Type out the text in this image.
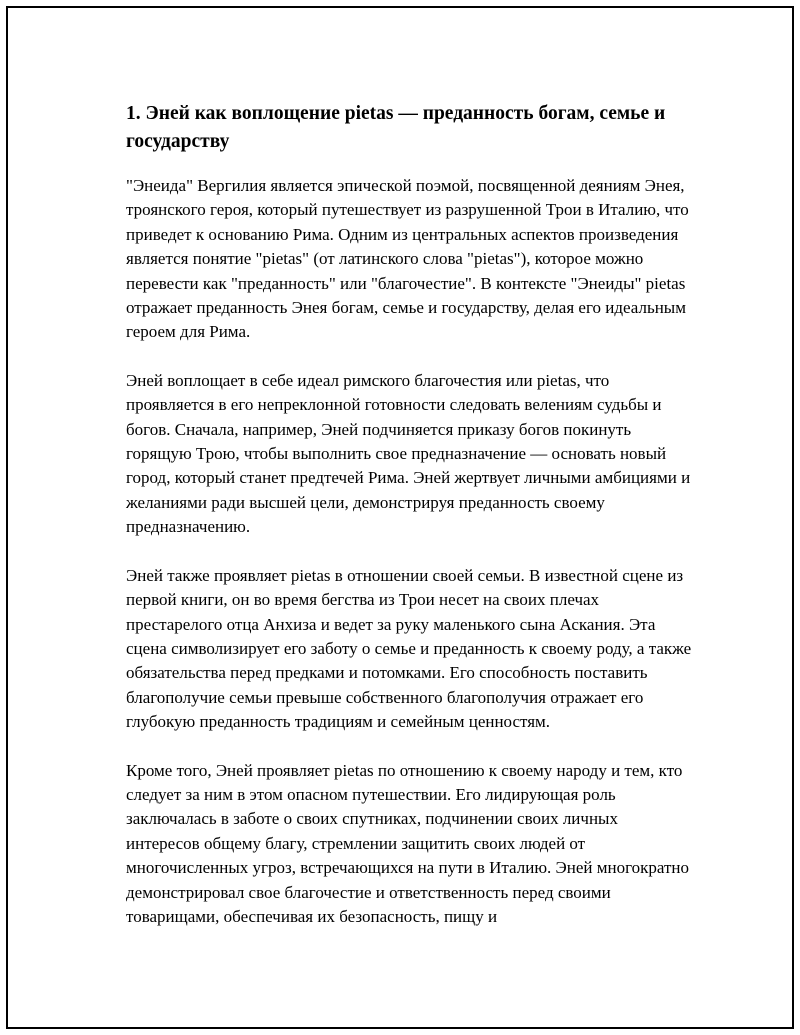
1. Эней как воплощение pietas — преданность богам, семье и государству

"Энеида" Вергилия является эпической поэмой, посвященной деяниям Энея, троянского героя, который путешествует из разрушенной Трои в Италию, что приведет к основанию Рима. Одним из центральных аспектов произведения является понятие "pietas" (от латинского слова "pietas"), которое можно перевести как "преданность" или "благочестие". В контексте "Энеиды" pietas отражает преданность Энея богам, семье и государству, делая его идеальным героем для Рима.

Эней воплощает в себе идеал римского благочестия или pietas, что проявляется в его непреклонной готовности следовать велениям судьбы и богов. Сначала, например, Эней подчиняется приказу богов покинуть горящую Трою, чтобы выполнить свое предназначение — основать новый город, который станет предтечей Рима. Эней жертвует личными амбициями и желаниями ради высшей цели, демонстрируя преданность своему предназначению.

Эней также проявляет pietas в отношении своей семьи. В известной сцене из первой книги, он во время бегства из Трои несет на своих плечах престарелого отца Анхиза и ведет за руку маленького сына Аскания. Эта сцена символизирует его заботу о семье и преданность к своему роду, а также обязательства перед предками и потомками. Его способность поставить благополучие семьи превыше собственного благополучия отражает его глубокую преданность традициям и семейным ценностям.

Кроме того, Эней проявляет pietas по отношению к своему народу и тем, кто следует за ним в этом опасном путешествии. Его лидирующая роль заключалась в заботе о своих спутниках, подчинении своих личных интересов общему благу, стремлении защитить своих людей от многочисленных угроз, встречающихся на пути в Италию. Эней многократно демонстрировал свое благочестие и ответственность перед своими товарищами, обеспечивая их безопасность, пищу и
